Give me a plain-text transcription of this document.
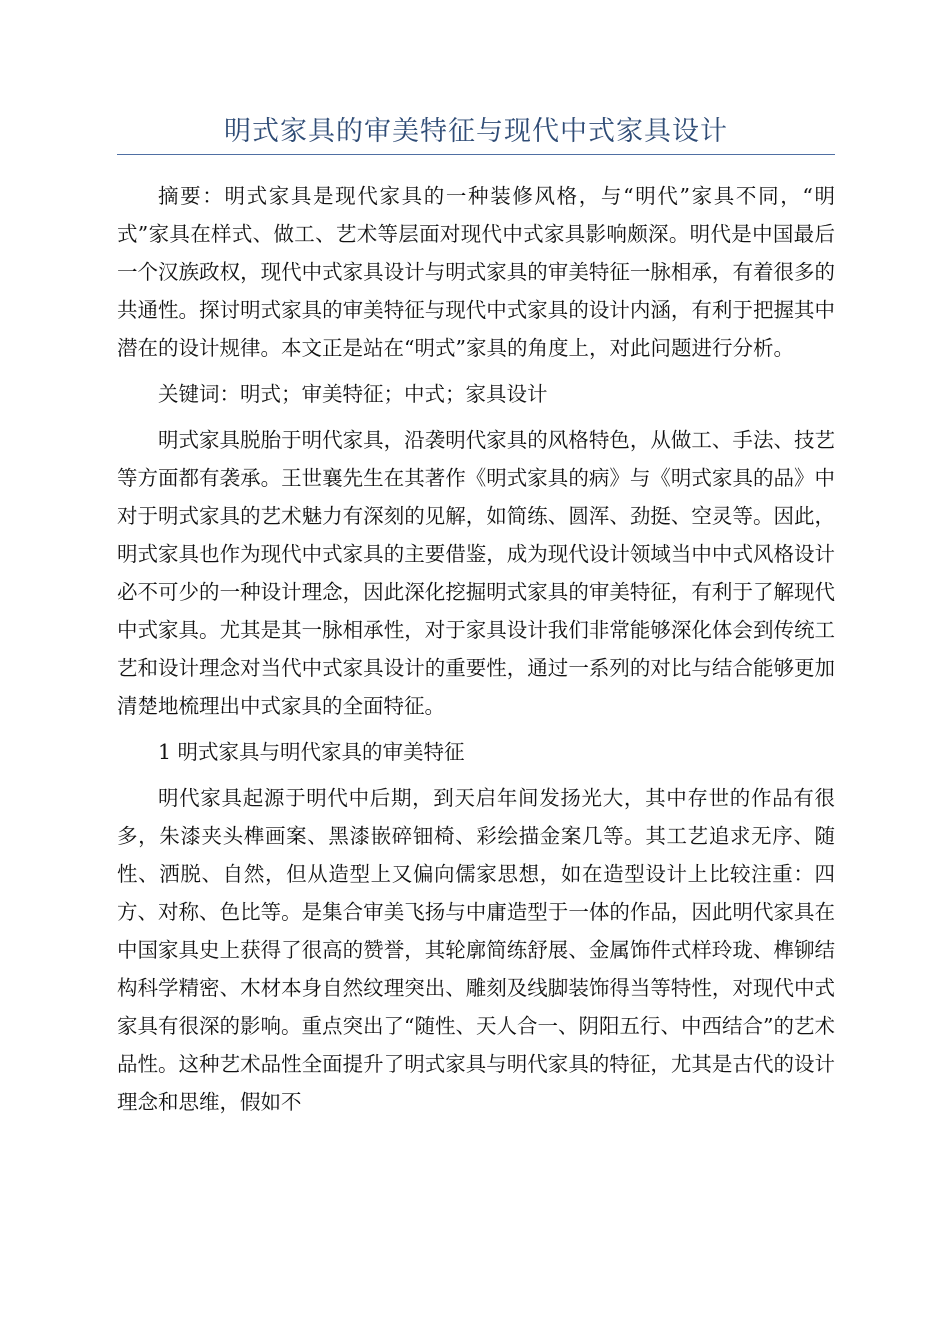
明式家具的审美特征与现代中式家具设计

摘要：明式家具是现代家具的一种装修风格，与“明代”家具不同，“明式”家具在样式、做工、艺术等层面对现代中式家具影响颇深。明代是中国最后一个汉族政权，现代中式家具设计与明式家具的审美特征一脉相承，有着很多的共通性。探讨明式家具的审美特征与现代中式家具的设计内涵，有利于把握其中潜在的设计规律。本文正是站在“明式”家具的角度上，对此问题进行分析。

关键词：明式；审美特征；中式；家具设计

明式家具脱胎于明代家具，沿袭明代家具的风格特色，从做工、手法、技艺等方面都有袭承。王世襄先生在其著作《明式家具的病》与《明式家具的品》中对于明式家具的艺术魅力有深刻的见解，如简练、圆浑、劲挺、空灵等。因此，明式家具也作为现代中式家具的主要借鉴，成为现代设计领域当中中式风格设计必不可少的一种设计理念，因此深化挖掘明式家具的审美特征，有利于了解现代中式家具。尤其是其一脉相承性，对于家具设计我们非常能够深化体会到传统工艺和设计理念对当代中式家具设计的重要性，通过一系列的对比与结合能够更加清楚地梳理出中式家具的全面特征。

1 明式家具与明代家具的审美特征

明代家具起源于明代中后期，到天启年间发扬光大，其中存世的作品有很多，朱漆夹头榫画案、黑漆嵌碎钿椅、彩绘描金案几等。其工艺追求无序、随性、洒脱、自然，但从造型上又偏向儒家思想，如在造型设计上比较注重：四方、对称、色比等。是集合审美飞扬与中庸造型于一体的作品，因此明代家具在中国家具史上获得了很高的赞誉，其轮廓简练舒展、金属饰件式样玲珑、榫铆结构科学精密、木材本身自然纹理突出、雕刻及线脚装饰得当等特性，对现代中式家具有很深的影响。重点突出了“随性、天人合一、阴阳五行、中西结合”的艺术品性。这种艺术品性全面提升了明式家具与明代家具的特征，尤其是古代的设计理念和思维，假如不
